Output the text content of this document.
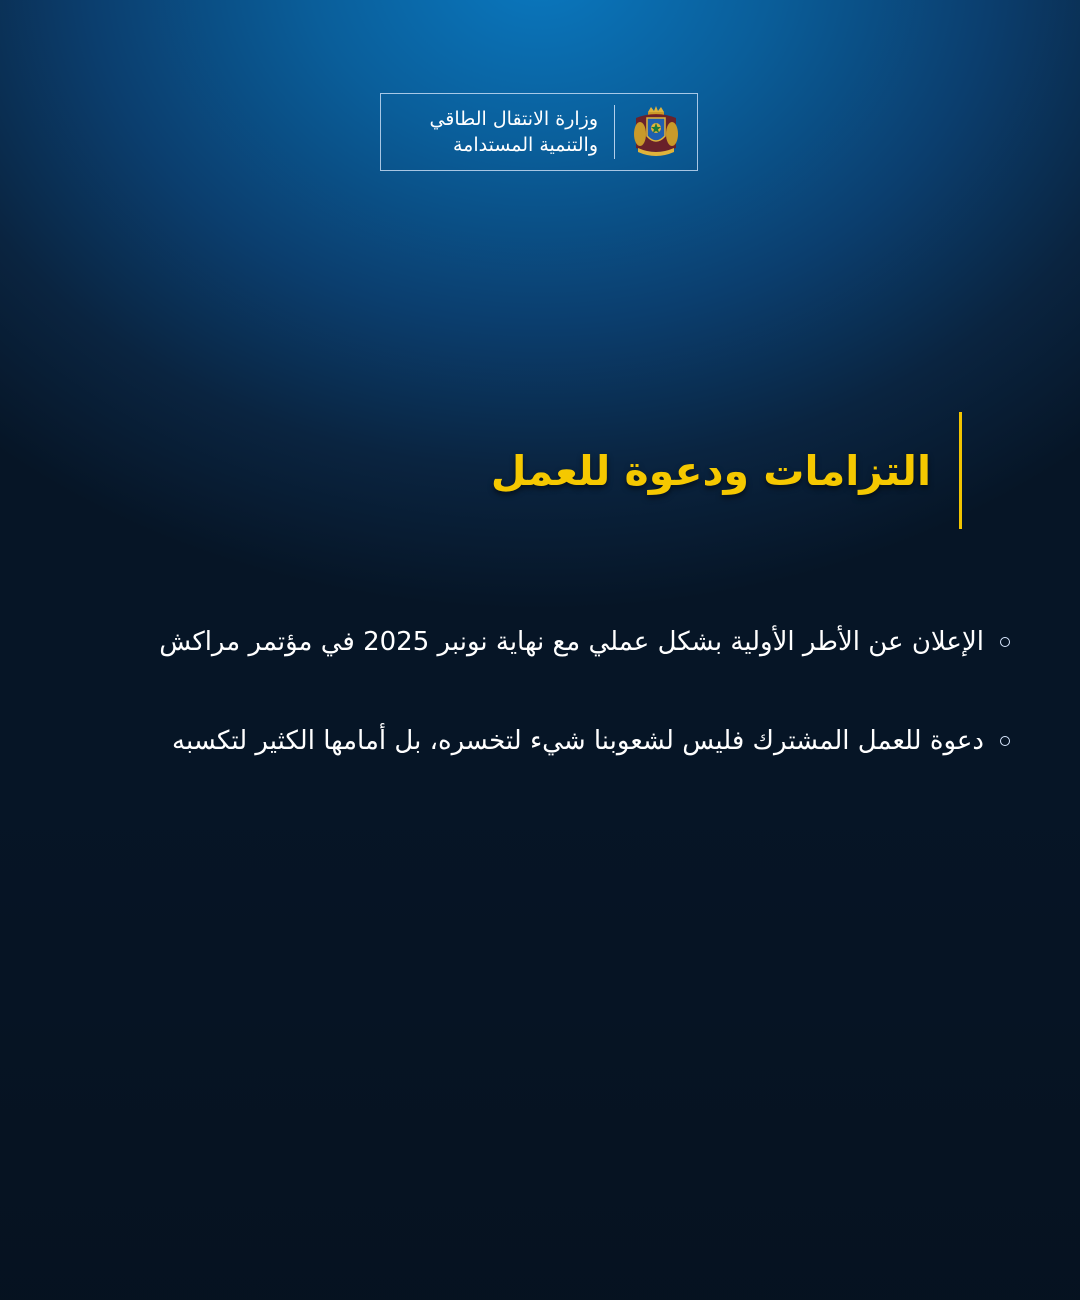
وزارة الانتقال الطاقي
والتنمية المستدامة
التزامات ودعوة للعمل
الإعلان عن الأطر الأولية بشكل عملي مع نهاية نونبر 2025 في مؤتمر مراكش
دعوة للعمل المشترك فليس لشعوبنا شيء لتخسره، بل أمامها الكثير لتكسبه
